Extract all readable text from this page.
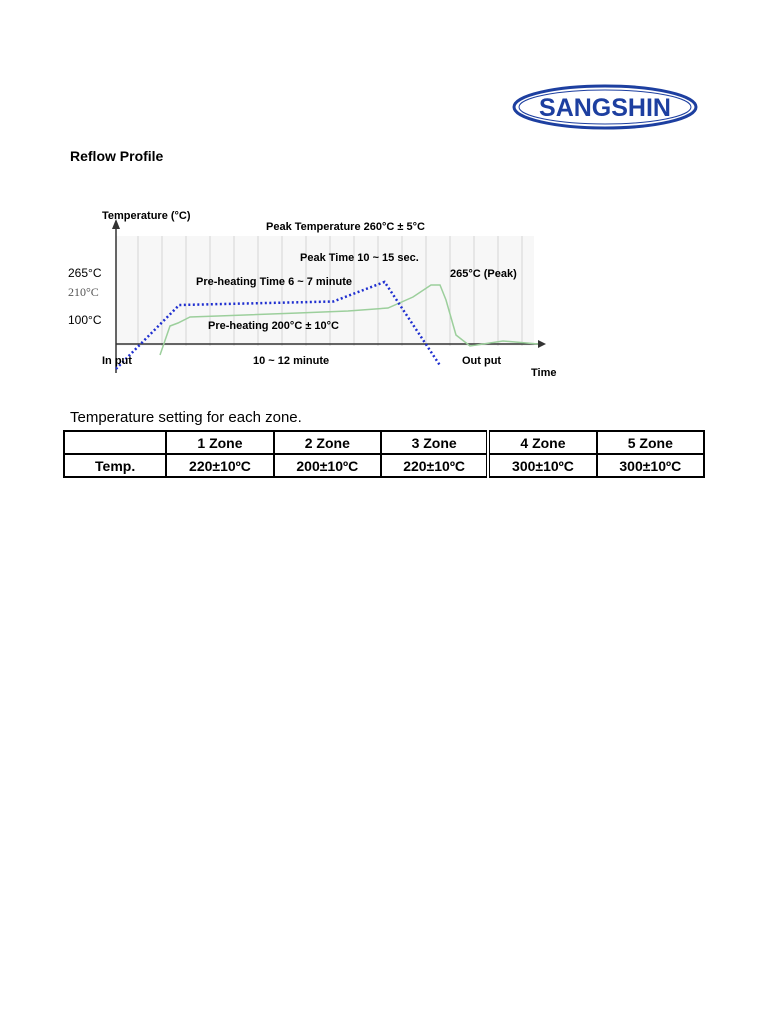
SANGSHIN
Reflow Profile
Temperature (°C)
Peak Temperature 260°C ± 5°C
Peak Time 10 ~ 15 sec.
Pre-heating Time 6 ~ 7 minute
265°C (Peak)
Pre-heating 200°C ± 10°C
In put	10 ~ 12 minute	Out put
Time
265°C
210°C
100°C
Temperature setting for each zone.
	1 Zone	2 Zone	3 Zone	4 Zone	5 Zone
Temp.	220±10ºC	200±10ºC	220±10ºC	300±10ºC	300±10ºC
